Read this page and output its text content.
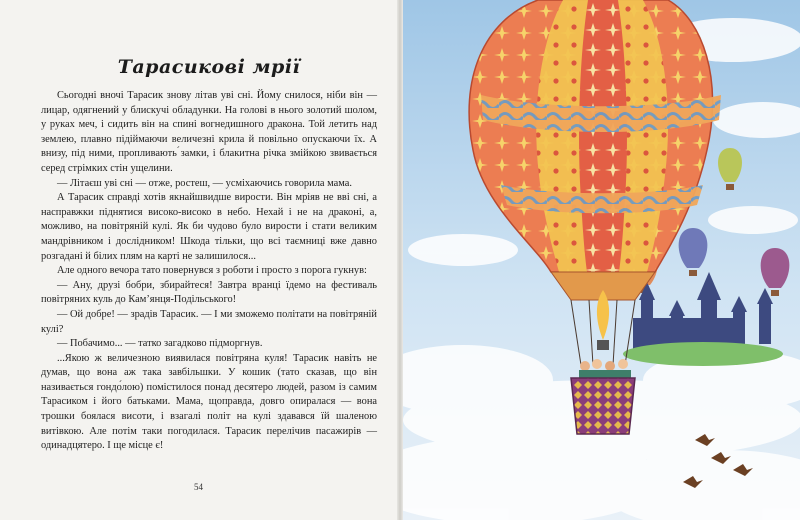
Тарасикові мрії

Сьогодні вночі Тарасик знову літав уві сні. Йому снилося, ніби він — лицар, одягнений у блискучі обладунки. На голові в нього золотий шолом, у руках меч, і сидить він на спині вогнедишного дракона. Той летить над землею, плавно підіймаючи величезні крила й повільно опускаючи їх. А внизу, під ними, пропливають ́замки, і блакитна річка змійкою звивається серед стрімких стін ущелини.

— Літаєш уві сні — отже, ростеш, — усміхаючись говорила мама.

А Тарасик справді хотів якнайшвидше вирости. Він мріяв не вві сні, а насправжки піднятися високо-високо в небо. Нехай і не на драконі, а, можливо, на повітряній кулі. Як би чудово було вирости і стати великим мандрівником і дослідником! Шкода тільки, що всі таємниці вже давно розгадані й білих плям на карті не залишилося...

Але одного вечора тато повернувся з роботи і просто з порога гукнув:

— Ану, друзі бобри, збирайтеся! Завтра вранці їдемо на фестиваль повітряних куль до Кам’янця-Подільського!

— Ой добре! — зрадів Тарасик. — І ми зможемо політати на повітряній кулі?

— Побачимо... — татко загадково підморгнув.

...Якою ж величезною виявилася повітряна куля! Тарасик навіть не думав, що вона аж така завбільшки. У кошик (тато сказав, що він називається гондо́лою) помістилося понад десятеро людей, разом із самим Тарасиком і його батьками. Мама, щоправда, довго опиралася — вона трошки боялася висоти, і взагалі політ на кулі здавався їй шаленою витівкою. Але потім таки погодилася. Тарасик перелічив пасажирів — одинадцятеро. І ще місце є!

54
